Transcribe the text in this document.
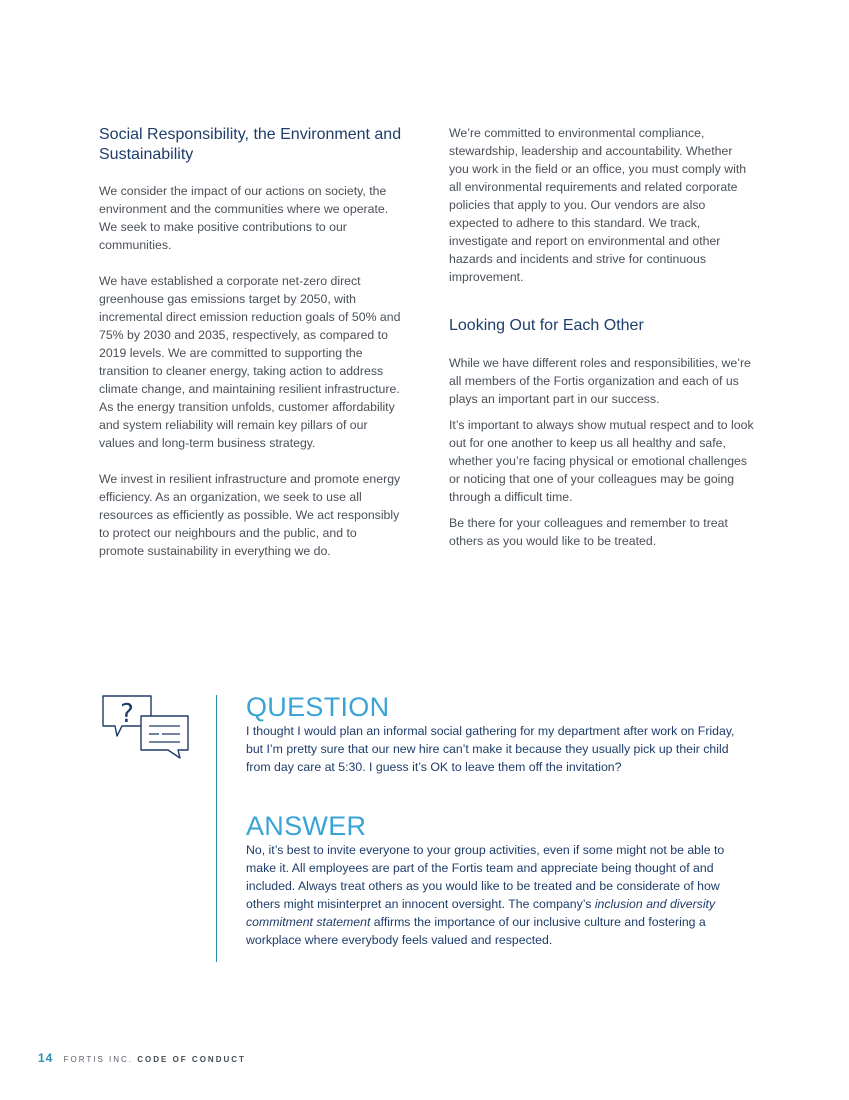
Social Responsibility, the Environment and Sustainability

We consider the impact of our actions on society, the environment and the communities where we operate. We seek to make positive contributions to our communities.

We have established a corporate net-zero direct greenhouse gas emissions target by 2050, with incremental direct emission reduction goals of 50% and 75% by 2030 and 2035, respectively, as compared to 2019 levels. We are committed to supporting the transition to cleaner energy, taking action to address climate change, and maintaining resilient infrastructure. As the energy transition unfolds, customer affordability and system reliability will remain key pillars of our values and long-term business strategy.

We invest in resilient infrastructure and promote energy efficiency. As an organization, we seek to use all resources as efficiently as possible. We act responsibly to protect our neighbours and the public, and to promote sustainability in everything we do.

We’re committed to environmental compliance, stewardship, leadership and accountability. Whether you work in the field or an office, you must comply with all environmental requirements and related corporate policies that apply to you. Our vendors are also expected to adhere to this standard. We track, investigate and report on environmental and other hazards and incidents and strive for continuous improvement.

Looking Out for Each Other

While we have different roles and responsibilities, we’re all members of the Fortis organization and each of us plays an important part in our success.

It’s important to always show mutual respect and to look out for one another to keep us all healthy and safe, whether you’re facing physical or emotional challenges or noticing that one of your colleagues may be going through a difficult time.

Be there for your colleagues and remember to treat others as you would like to be treated.

?	QUESTION

I thought I would plan an informal social gathering for my department after work on Friday, but I’m pretty sure that our new hire can’t make it because they usually pick up their child from day care at 5:30. I guess it’s OK to leave them off the invitation?

ANSWER

No, it’s best to invite everyone to your group activities, even if some might not be able to make it. All employees are part of the Fortis team and appreciate being thought of and included. Always treat others as you would like to be treated and be considerate of how others might misinterpret an innocent oversight. The company’s inclusion and diversity commitment statement affirms the importance of our inclusive culture and fostering a workplace where everybody feels valued and respected.

14 FORTIS INC. CODE OF CONDUCT
